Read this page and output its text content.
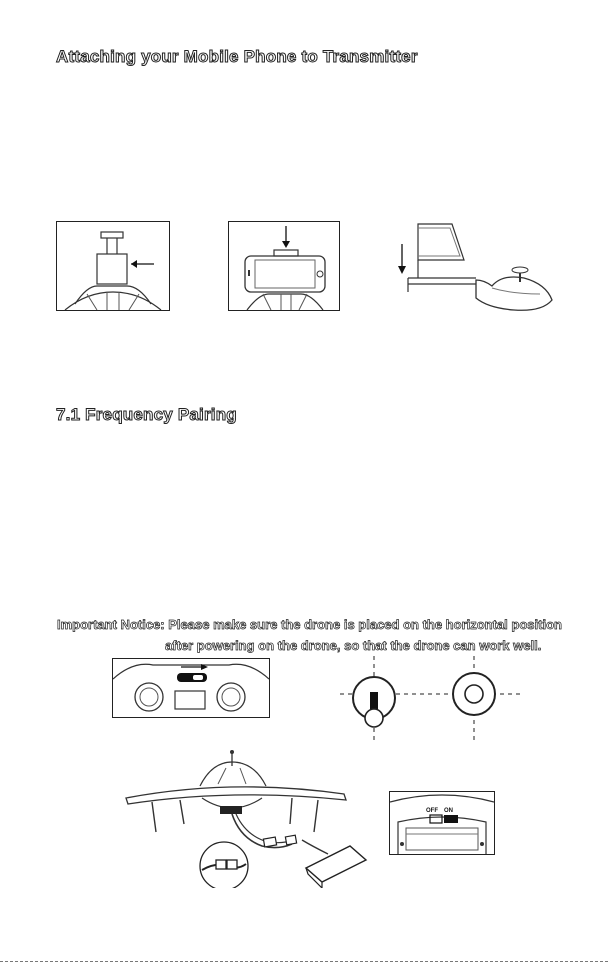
Attaching your Mobile Phone to Transmitter
7.1 Frequency Pairing
Important Notice: Please make sure the drone is placed on the horizontal position
after powering on the drone, so that the drone can work well.
OFF ON
